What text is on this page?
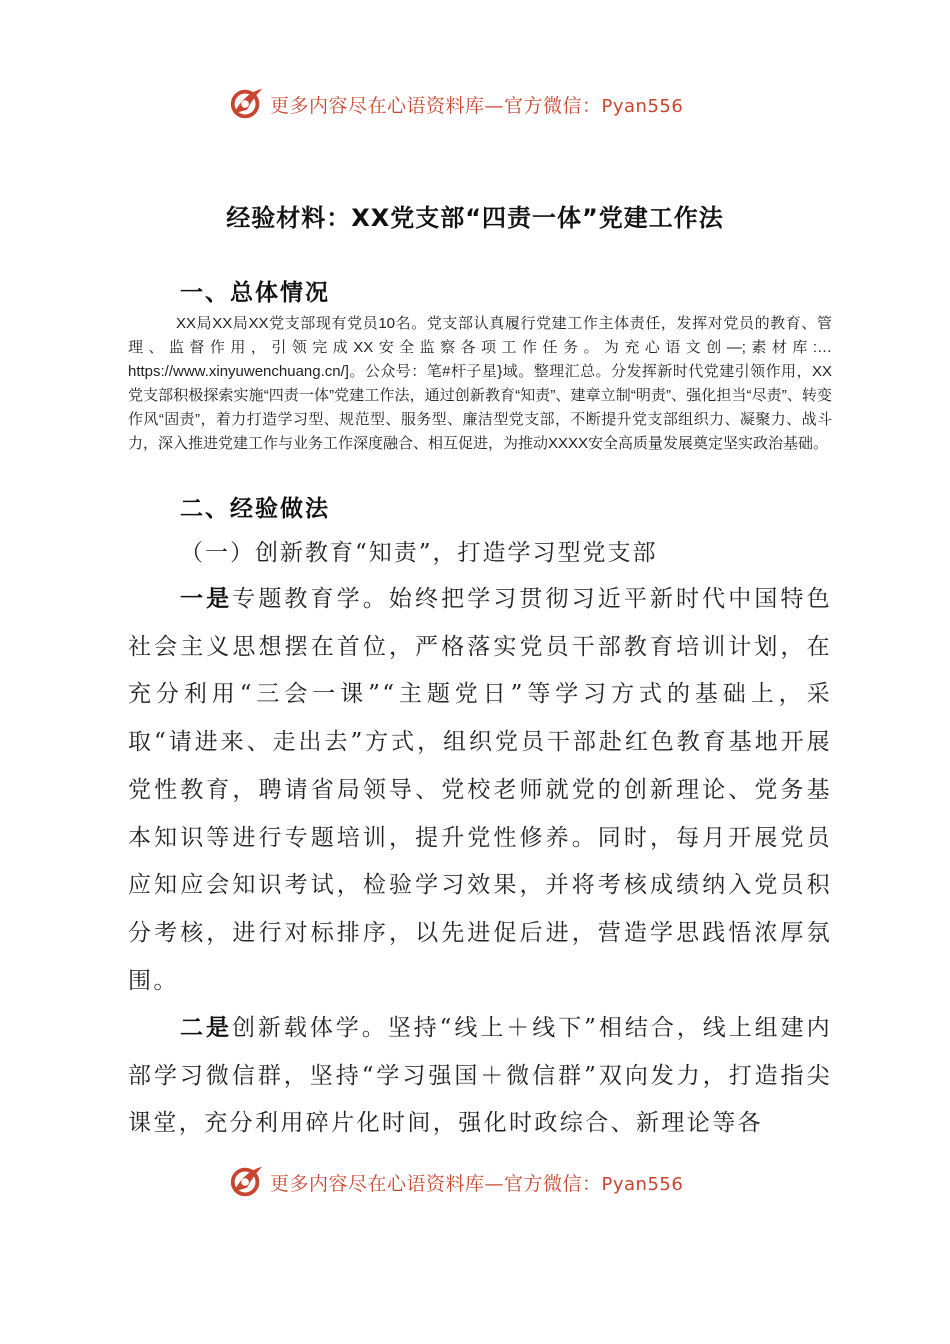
更多内容尽在心语资料库—官方微信：Pyan556
经验材料：XX党支部“四责一体”党建工作法
一、总体情况
XX局XX局XX党支部现有党员10名。党支部认真履行党建工作主体责任，发挥对党员的教育、管理、监督作用，引领完成XX安全监察各项工作任务。为充心语文创—;素材库:…https://www.xinyuwenchuang.cn/]。公众号：笔#杆子星}域。整理汇总。分发挥新时代党建引领作用，XX党支部积极探索实施“四责一体”党建工作法，通过创新教育“知责”、建章立制“明责”、强化担当“尽责”、转变作风“固责”，着力打造学习型、规范型、服务型、廉洁型党支部，不断提升党支部组织力、凝聚力、战斗力，深入推进党建工作与业务工作深度融合、相互促进，为推动XXXX安全高质量发展奠定坚实政治基础。
二、经验做法
（一）创新教育“知责”，打造学习型党支部
一是专题教育学。始终把学习贯彻习近平新时代中国特色社会主义思想摆在首位，严格落实党员干部教育培训计划，在充分利用“三会一课”“主题党日”等学习方式的基础上，采取“请进来、走出去”方式，组织党员干部赴红色教育基地开展党性教育，聘请省局领导、党校老师就党的创新理论、党务基本知识等进行专题培训，提升党性修养。同时，每月开展党员应知应会知识考试，检验学习效果，并将考核成绩纳入党员积分考核，进行对标排序，以先进促后进，营造学思践悟浓厚氛围。
二是创新载体学。坚持“线上＋线下”相结合，线上组建内部学习微信群，坚持“学习强国＋微信群”双向发力，打造指尖课堂，充分利用碎片化时间，强化时政综合、新理论等各
更多内容尽在心语资料库—官方微信：Pyan556
